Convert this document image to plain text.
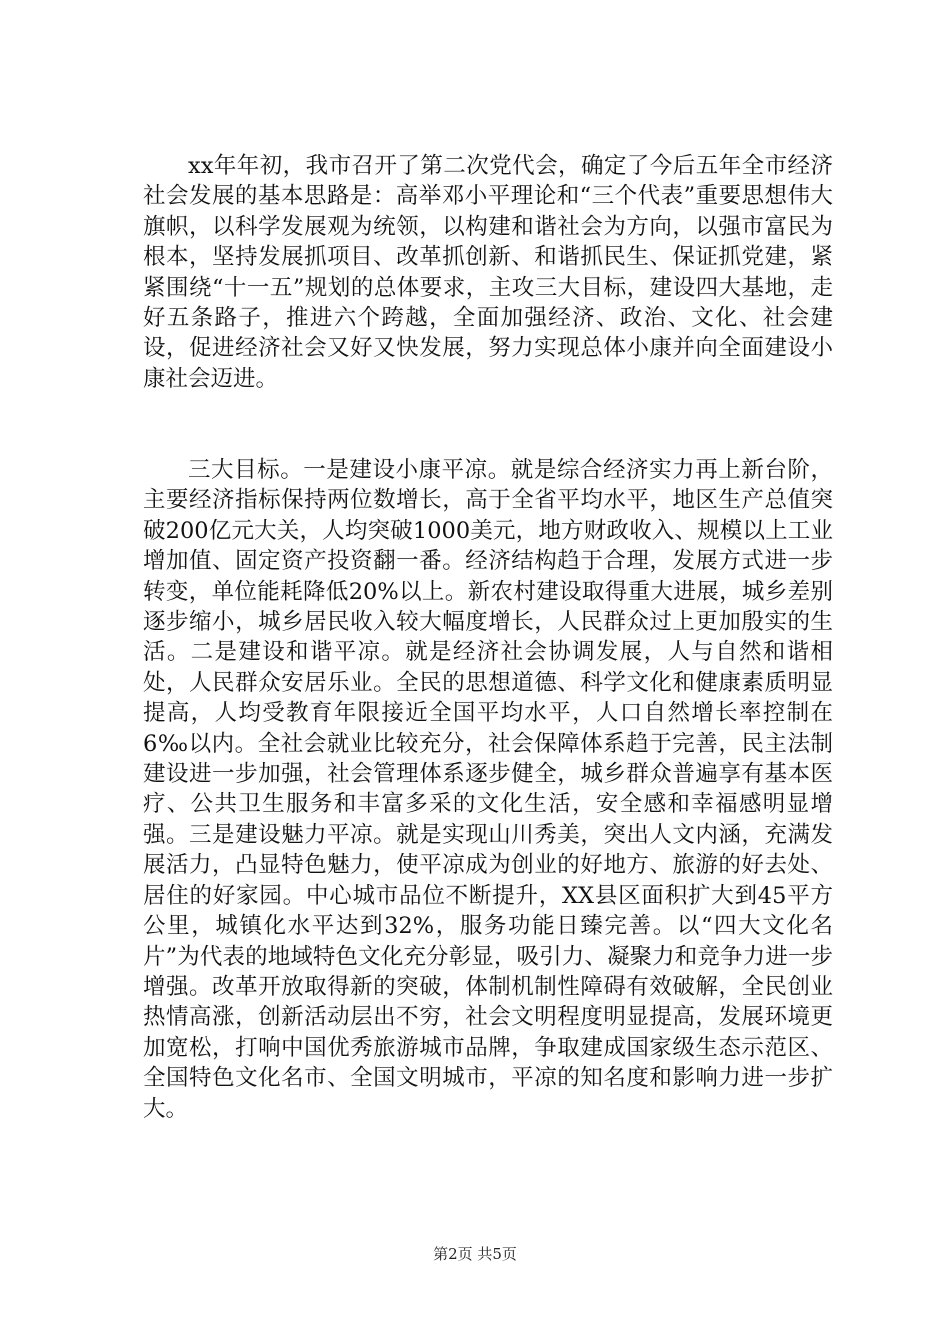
xx年年初，我市召开了第二次党代会，确定了今后五年全市经济社会发展的基本思路是：高举邓小平理论和“三个代表”重要思想伟大旗帜，以科学发展观为统领，以构建和谐社会为方向，以强市富民为根本，坚持发展抓项目、改革抓创新、和谐抓民生、保证抓党建，紧紧围绕“十一五”规划的总体要求，主攻三大目标，建设四大基地，走好五条路子，推进六个跨越，全面加强经济、政治、文化、社会建设，促进经济社会又好又快发展，努力实现总体小康并向全面建设小康社会迈进。

三大目标。一是建设小康平凉。就是综合经济实力再上新台阶，主要经济指标保持两位数增长，高于全省平均水平，地区生产总值突破200亿元大关，人均突破1000美元，地方财政收入、规模以上工业增加值、固定资产投资翻一番。经济结构趋于合理，发展方式进一步转变，单位能耗降低20%以上。新农村建设取得重大进展，城乡差别逐步缩小，城乡居民收入较大幅度增长，人民群众过上更加殷实的生活。二是建设和谐平凉。就是经济社会协调发展，人与自然和谐相处，人民群众安居乐业。全民的思想道德、科学文化和健康素质明显提高，人均受教育年限接近全国平均水平，人口自然增长率控制在6‰以内。全社会就业比较充分，社会保障体系趋于完善，民主法制建设进一步加强，社会管理体系逐步健全，城乡群众普遍享有基本医疗、公共卫生服务和丰富多采的文化生活，安全感和幸福感明显增强。三是建设魅力平凉。就是实现山川秀美，突出人文内涵，充满发展活力，凸显特色魅力，使平凉成为创业的好地方、旅游的好去处、居住的好家园。中心城市品位不断提升，XX县区面积扩大到45平方公里，城镇化水平达到32%，服务功能日臻完善。以“四大文化名片”为代表的地域特色文化充分彰显，吸引力、凝聚力和竞争力进一步增强。改革开放取得新的突破，体制机制性障碍有效破解，全民创业热情高涨，创新活动层出不穷，社会文明程度明显提高，发展环境更加宽松，打响中国优秀旅游城市品牌，争取建成国家级生态示范区、全国特色文化名市、全国文明城市，平凉的知名度和影响力进一步扩大。

第2页 共5页
